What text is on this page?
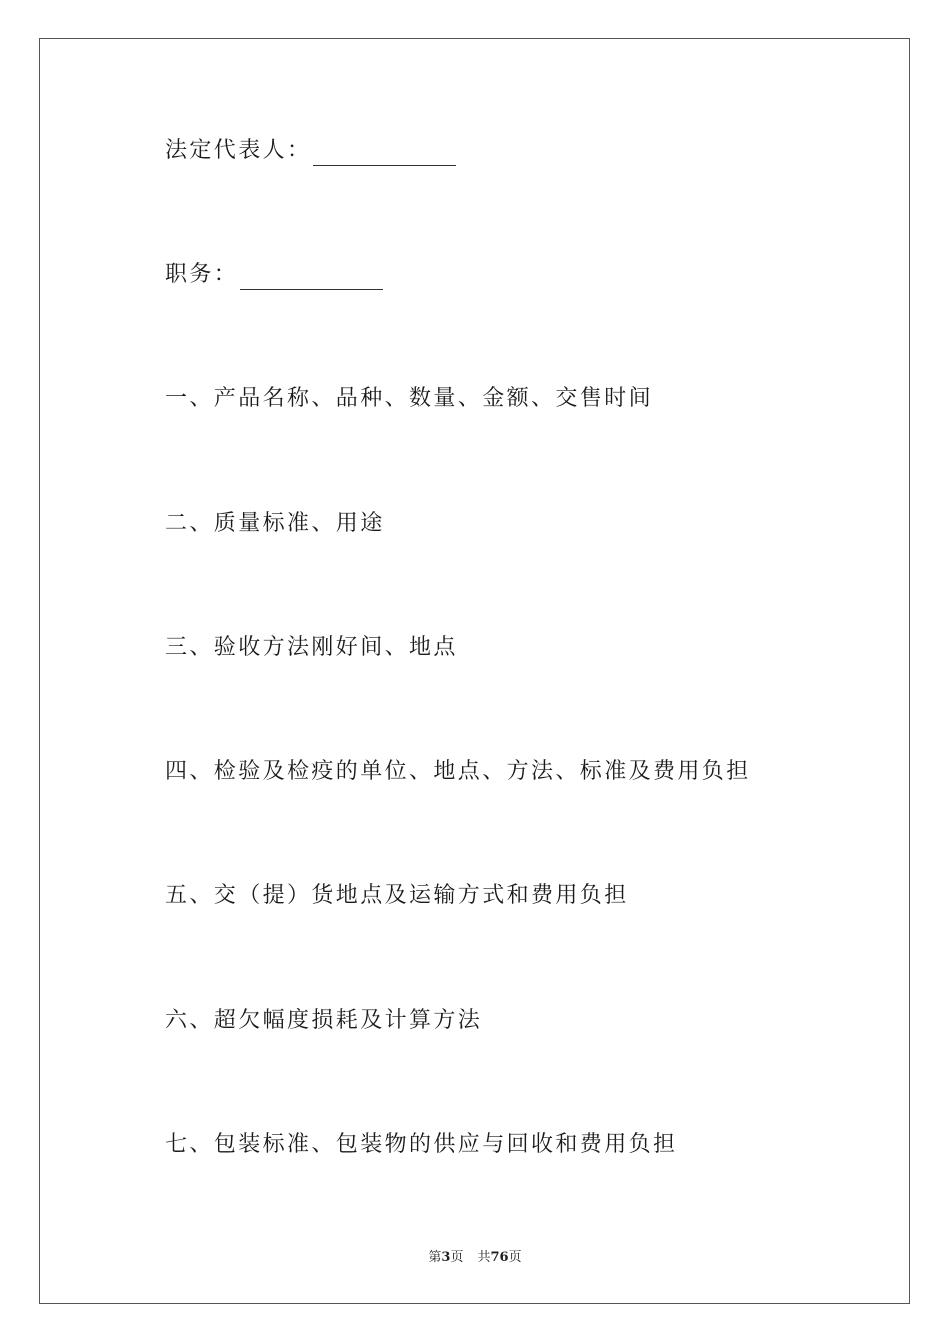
法定代表人：
职务：
一、产品名称、品种、数量、金额、交售时间
二、质量标准、用途
三、验收方法刚好间、地点
四、检验及检疫的单位、地点、方法、标准及费用负担
五、交（提）货地点及运输方式和费用负担
六、超欠幅度损耗及计算方法
七、包装标准、包装物的供应与回收和费用负担
第3页 共76页
